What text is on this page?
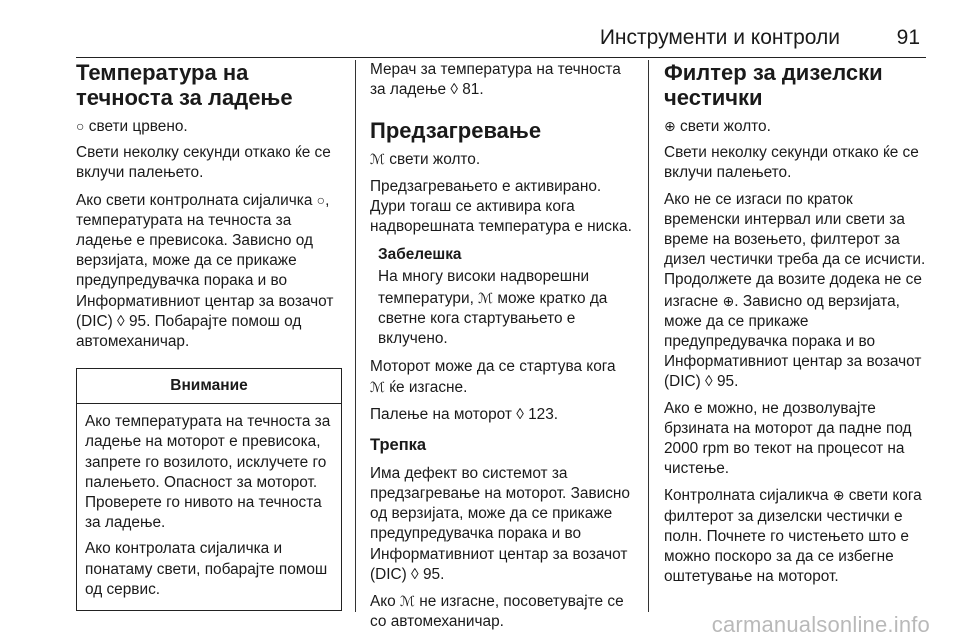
Инструменти и контроли	91
Температура на течноста за ладење

○ свети црвено.

Свети неколку секунди откако ќе се вклучи палењето.

Ако свети контролната сијаличка ○, температурата на течноста за ладење е превисока. Зависно од верзијата, може да се прикаже предупредувачка порака и во Информативниот центар за возачот (DIC) ◊ 95. Побарајте помош од автомеханичар.

Внимание

Ако температурата на течноста за ладење на моторот е превисока, запрете го возилото, исклучете го палењето. Опасност за моторот. Проверете го нивото на течноста за ладење.

Ако контролата сијаличка и понатаму свети, побарајте помош од сервис.

Мерач за температура на течноста за ладење ◊ 81.

Предзагревање

ℳ свети жолто.

Предзагревањето е активирано. Дури тогаш се активира кога надворешната температура е ниска.

Забелешка

На многу високи надворешни температури, ℳ може кратко да светне кога стартувањето е вклучено.

Моторот може да се стартува кога ℳ ќе изгасне.

Палење на моторот ◊ 123.

Трепка

Има дефект во системот за предзагревање на моторот. Зависно од верзијата, може да се прикаже предупредувачка порака и во Информативниот центар за возачот (DIC) ◊ 95.

Ако ℳ не изгасне, посоветувајте се со автомеханичар.

Филтер за дизелски честички

⊕ свети жолто.

Свети неколку секунди откако ќе се вклучи палењето.

Ако не се изгаси по краток временски интервал или свети за време на возењето, филтерот за дизел честички треба да се исчисти. Продолжете да возите додека не се изгасне ⊕. Зависно од верзијата, може да се прикаже предупредувачка порака и во Информативниот центар за возачот (DIC) ◊ 95.

Ако е можно, не дозволувајте брзината на моторот да падне под 2000 rpm во текот на процесот на чистење.

Контролната сијаликча ⊕ свети кога филтерот за дизелски честички е полн. Почнете го чистењето што е можно поскоро за да се избегне оштетување на моторот.

carmanualsonline.info
